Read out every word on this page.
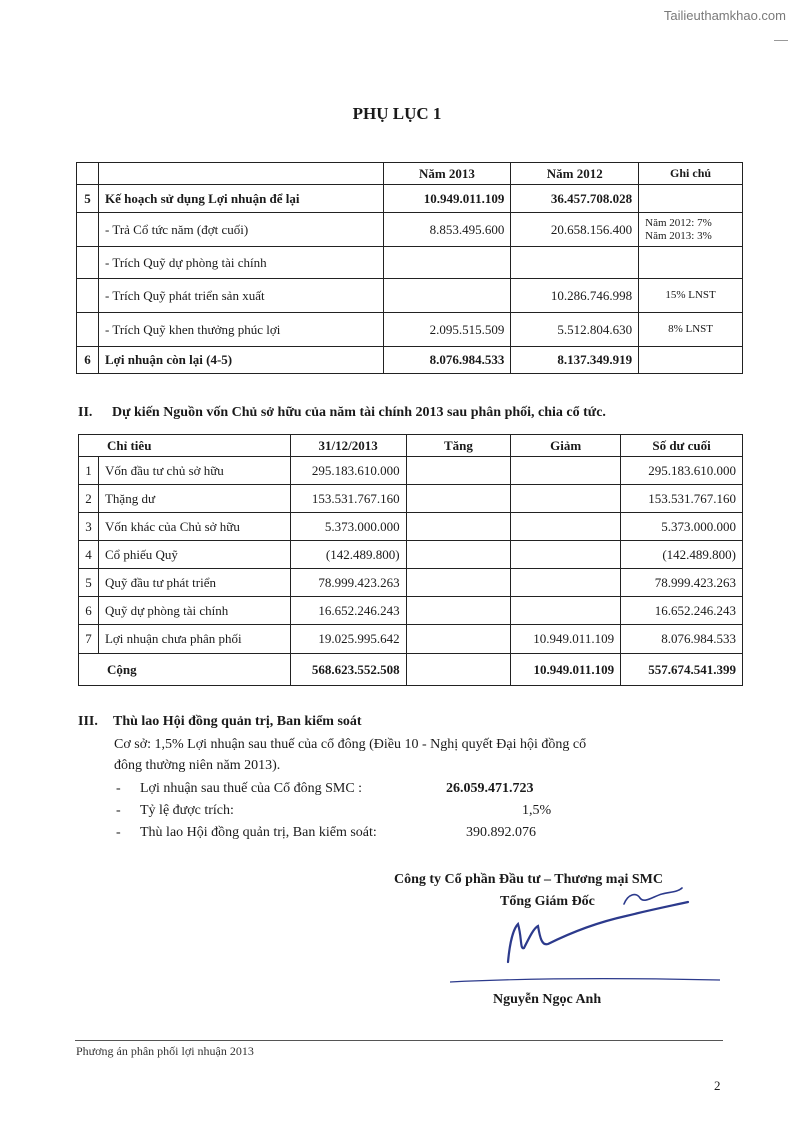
Tailieuthamkhao.com
PHỤ LỤC 1
		Năm 2013	Năm 2012	Ghi chú
5	Kế hoạch sử dụng Lợi nhuận để lại	10.949.011.109	36.457.708.028	
	- Trả Cổ tức năm (đợt cuối)	8.853.495.600	20.658.156.400	Năm 2012: 7%
Năm 2013: 3%

	- Trích Quỹ dự phòng tài chính			
	- Trích Quỹ phát triển sản xuất		10.286.746.998	15% LNST
	- Trích Quỹ khen thưởng phúc lợi	2.095.515.509	5.512.804.630	8% LNST
6	Lợi nhuận còn lại (4-5)	8.076.984.533	8.137.349.919	
II. Dự kiến Nguồn vốn Chủ sở hữu của năm tài chính 2013 sau phân phối, chia cổ tức.
Chỉ tiêu		31/12/2013	Tăng	Giảm	Số dư cuối
1	Vốn đầu tư chủ sở hữu	295.183.610.000			295.183.610.000
2	Thặng dư	153.531.767.160			153.531.767.160
3	Vốn khác của Chủ sở hữu	5.373.000.000			5.373.000.000
4	Cổ phiếu Quỹ	(142.489.800)			(142.489.800)
5	Quỹ đầu tư phát triển	78.999.423.263			78.999.423.263
6	Quỹ dự phòng tài chính	16.652.246.243			16.652.246.243
7	Lợi nhuận chưa phân phối	19.025.995.642		10.949.011.109	8.076.984.533
Cộng		568.623.552.508		10.949.011.109	557.674.541.399
III. Thù lao Hội đồng quản trị, Ban kiểm soát
Cơ sở: 1,5% Lợi nhuận sau thuế của cổ đông (Điều 10 - Nghị quyết Đại hội đồng cổ
đông thường niên năm 2013).
- Lợi nhuận sau thuế của Cổ đông SMC :	26.059.471.723
- Tỷ lệ được trích:	1,5%
- Thù lao Hội đồng quản trị, Ban kiểm soát:	390.892.076
Công ty Cổ phần Đầu tư – Thương mại SMC
Tổng Giám Đốc
Nguyễn Ngọc Anh
Phương án phân phối lợi nhuận 2013
2
